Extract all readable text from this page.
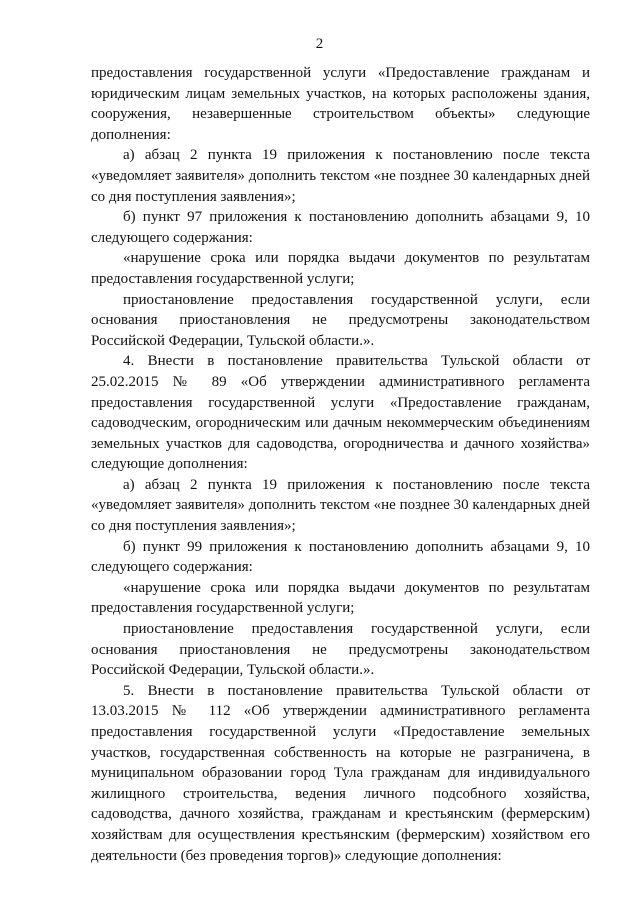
2

предоставления государственной услуги «Предоставление гражданам и юридическим лицам земельных участков, на которых расположены здания, сооружения, незавершенные строительством объекты» следующие дополнения:

а) абзац 2 пункта 19 приложения к постановлению после текста «уведомляет заявителя» дополнить текстом «не позднее 30 календарных дней со дня поступления заявления»;

б) пункт 97 приложения к постановлению дополнить абзацами 9, 10 следующего содержания:

«нарушение срока или порядка выдачи документов по результатам предоставления государственной услуги;

приостановление предоставления государственной услуги, если основания приостановления не предусмотрены законодательством Российской Федерации, Тульской области.».

4. Внести в постановление правительства Тульской области от 25.02.2015 № 89 «Об утверждении административного регламента предоставления государственной услуги «Предоставление гражданам, садоводческим, огородническим или дачным некоммерческим объединениям земельных участков для садоводства, огородничества и дачного хозяйства» следующие дополнения:

а) абзац 2 пункта 19 приложения к постановлению после текста «уведомляет заявителя» дополнить текстом «не позднее 30 календарных дней со дня поступления заявления»;

б) пункт 99 приложения к постановлению дополнить абзацами 9, 10 следующего содержания:

«нарушение срока или порядка выдачи документов по результатам предоставления государственной услуги;

приостановление предоставления государственной услуги, если основания приостановления не предусмотрены законодательством Российской Федерации, Тульской области.».

5. Внести в постановление правительства Тульской области от 13.03.2015 № 112 «Об утверждении административного регламента предоставления государственной услуги «Предоставление земельных участков, государственная собственность на которые не разграничена, в муниципальном образовании город Тула гражданам для индивидуального жилищного строительства, ведения личного подсобного хозяйства, садоводства, дачного хозяйства, гражданам и крестьянским (фермерским) хозяйствам для осуществления крестьянским (фермерским) хозяйством его деятельности (без проведения торгов)» следующие дополнения:
